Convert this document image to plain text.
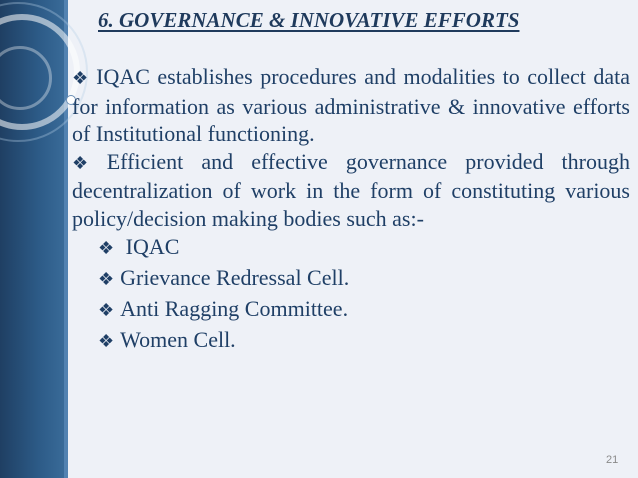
6. GOVERNANCE & INNOVATIVE EFFORTS

❖ IQAC establishes procedures and modalities to collect data for information as various administrative & innovative efforts of Institutional functioning.

❖ Efficient and effective governance provided through decentralization of work in the form of constituting various policy/decision making bodies such as:-

❖ IQAC
❖ Grievance Redressal Cell.
❖ Anti Ragging Committee.
❖ Women Cell.
21
